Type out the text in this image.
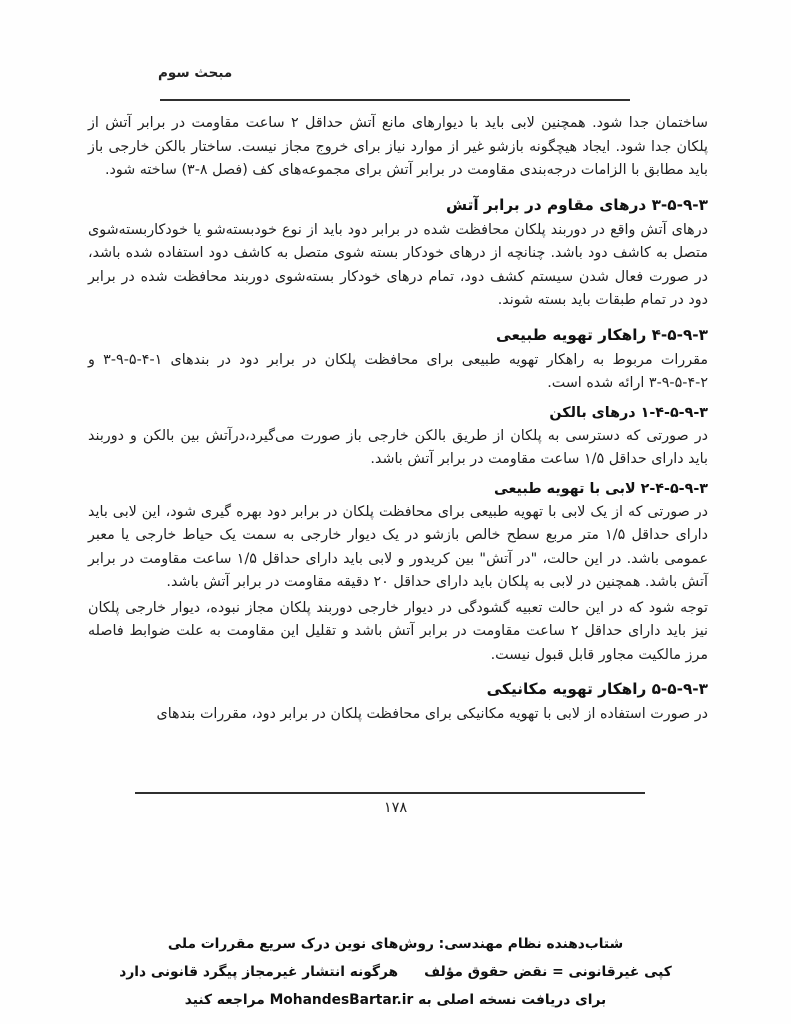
مبحث سوم

ساختمان جدا شود. همچنین لابی باید با دیوارهای مانع آتش حداقل ۲ ساعت مقاومت در برابر آتش از پلکان جدا شود. ایجاد هیچگونه بازشو غیر از موارد نیاز برای خروج مجاز نیست. ساختار بالکن خارجی باز باید مطابق با الزامات درجه‌بندی مقاومت در برابر آتش برای مجموعه‌های کف (فصل ۸-۳) ساخته شود.

۳-۵-۹-۳ درهای مقاوم در برابر آتش

درهای آتش واقع در دوربند پلکان محافظت شده در برابر دود باید از نوع خودبسته‌شو یا خودکاربسته‌شوی متصل به کاشف دود باشد. چنانچه از درهای خودکار بسته شوی متصل به کاشف دود استفاده شده باشد، در صورت فعال شدن سیستم کشف دود، تمام درهای خودکار بسته‌شوی دوربند محافظت شده در برابر دود در تمام طبقات باید بسته شوند.

۴-۵-۹-۳ راهکار تهویه طبیعی

مقررات مربوط به راهکار تهویه طبیعی برای محافظت پلکان در برابر دود در بندهای ۱-۴-۵-۹-۳ و ۲-۴-۵-۹-۳ ارائه شده است.

۱-۴-۵-۹-۳ درهای بالکن

در صورتی که دسترسی به پلکان از طریق بالکن خارجی باز صورت می‌گیرد،درآتش بین بالکن و دوربند باید دارای حداقل ۱/۵ ساعت مقاومت در برابر آتش باشد.

۲-۴-۵-۹-۳ لابی با تهویه طبیعی

در صورتی که از یک لابی با تهویه طبیعی برای محافظت پلکان در برابر دود بهره گیری شود، این لابی باید دارای حداقل ۱/۵ متر مربع سطح خالص بازشو در یک دیوار خارجی به سمت یک حیاط خارجی یا معبر عمومی باشد. در این حالت، "در آتش" بین کریدور و لابی باید دارای حداقل ۱/۵ ساعت مقاومت در برابر آتش باشد. همچنین در لابی به پلکان باید دارای حداقل ۲۰ دقیقه مقاومت در برابر آتش باشد.

توجه شود که در این حالت تعبیه گشودگی در دیوار خارجی دوربند پلکان مجاز نبوده، دیوار خارجی پلکان نیز باید دارای حداقل ۲ ساعت مقاومت در برابر آتش باشد و تقلیل این مقاومت به علت ضوابط فاصله مرز مالکیت مجاور قابل قبول نیست.

۵-۵-۹-۳ راهکار تهویه مکانیکی

در صورت استفاده از لابی با تهویه مکانیکی برای محافظت پلکان در برابر دود، مقررات بندهای

۱۷۸
شتاب‌دهنده نظام مهندسی: روش‌های نوین درک سریع مقررات ملی
کپی غیرقانونی = نقض حقوق مؤلف
هرگونه انتشار غیرمجاز پیگرد قانونی دارد
برای دریافت نسخه اصلی به MohandesBartar.ir مراجعه کنید
